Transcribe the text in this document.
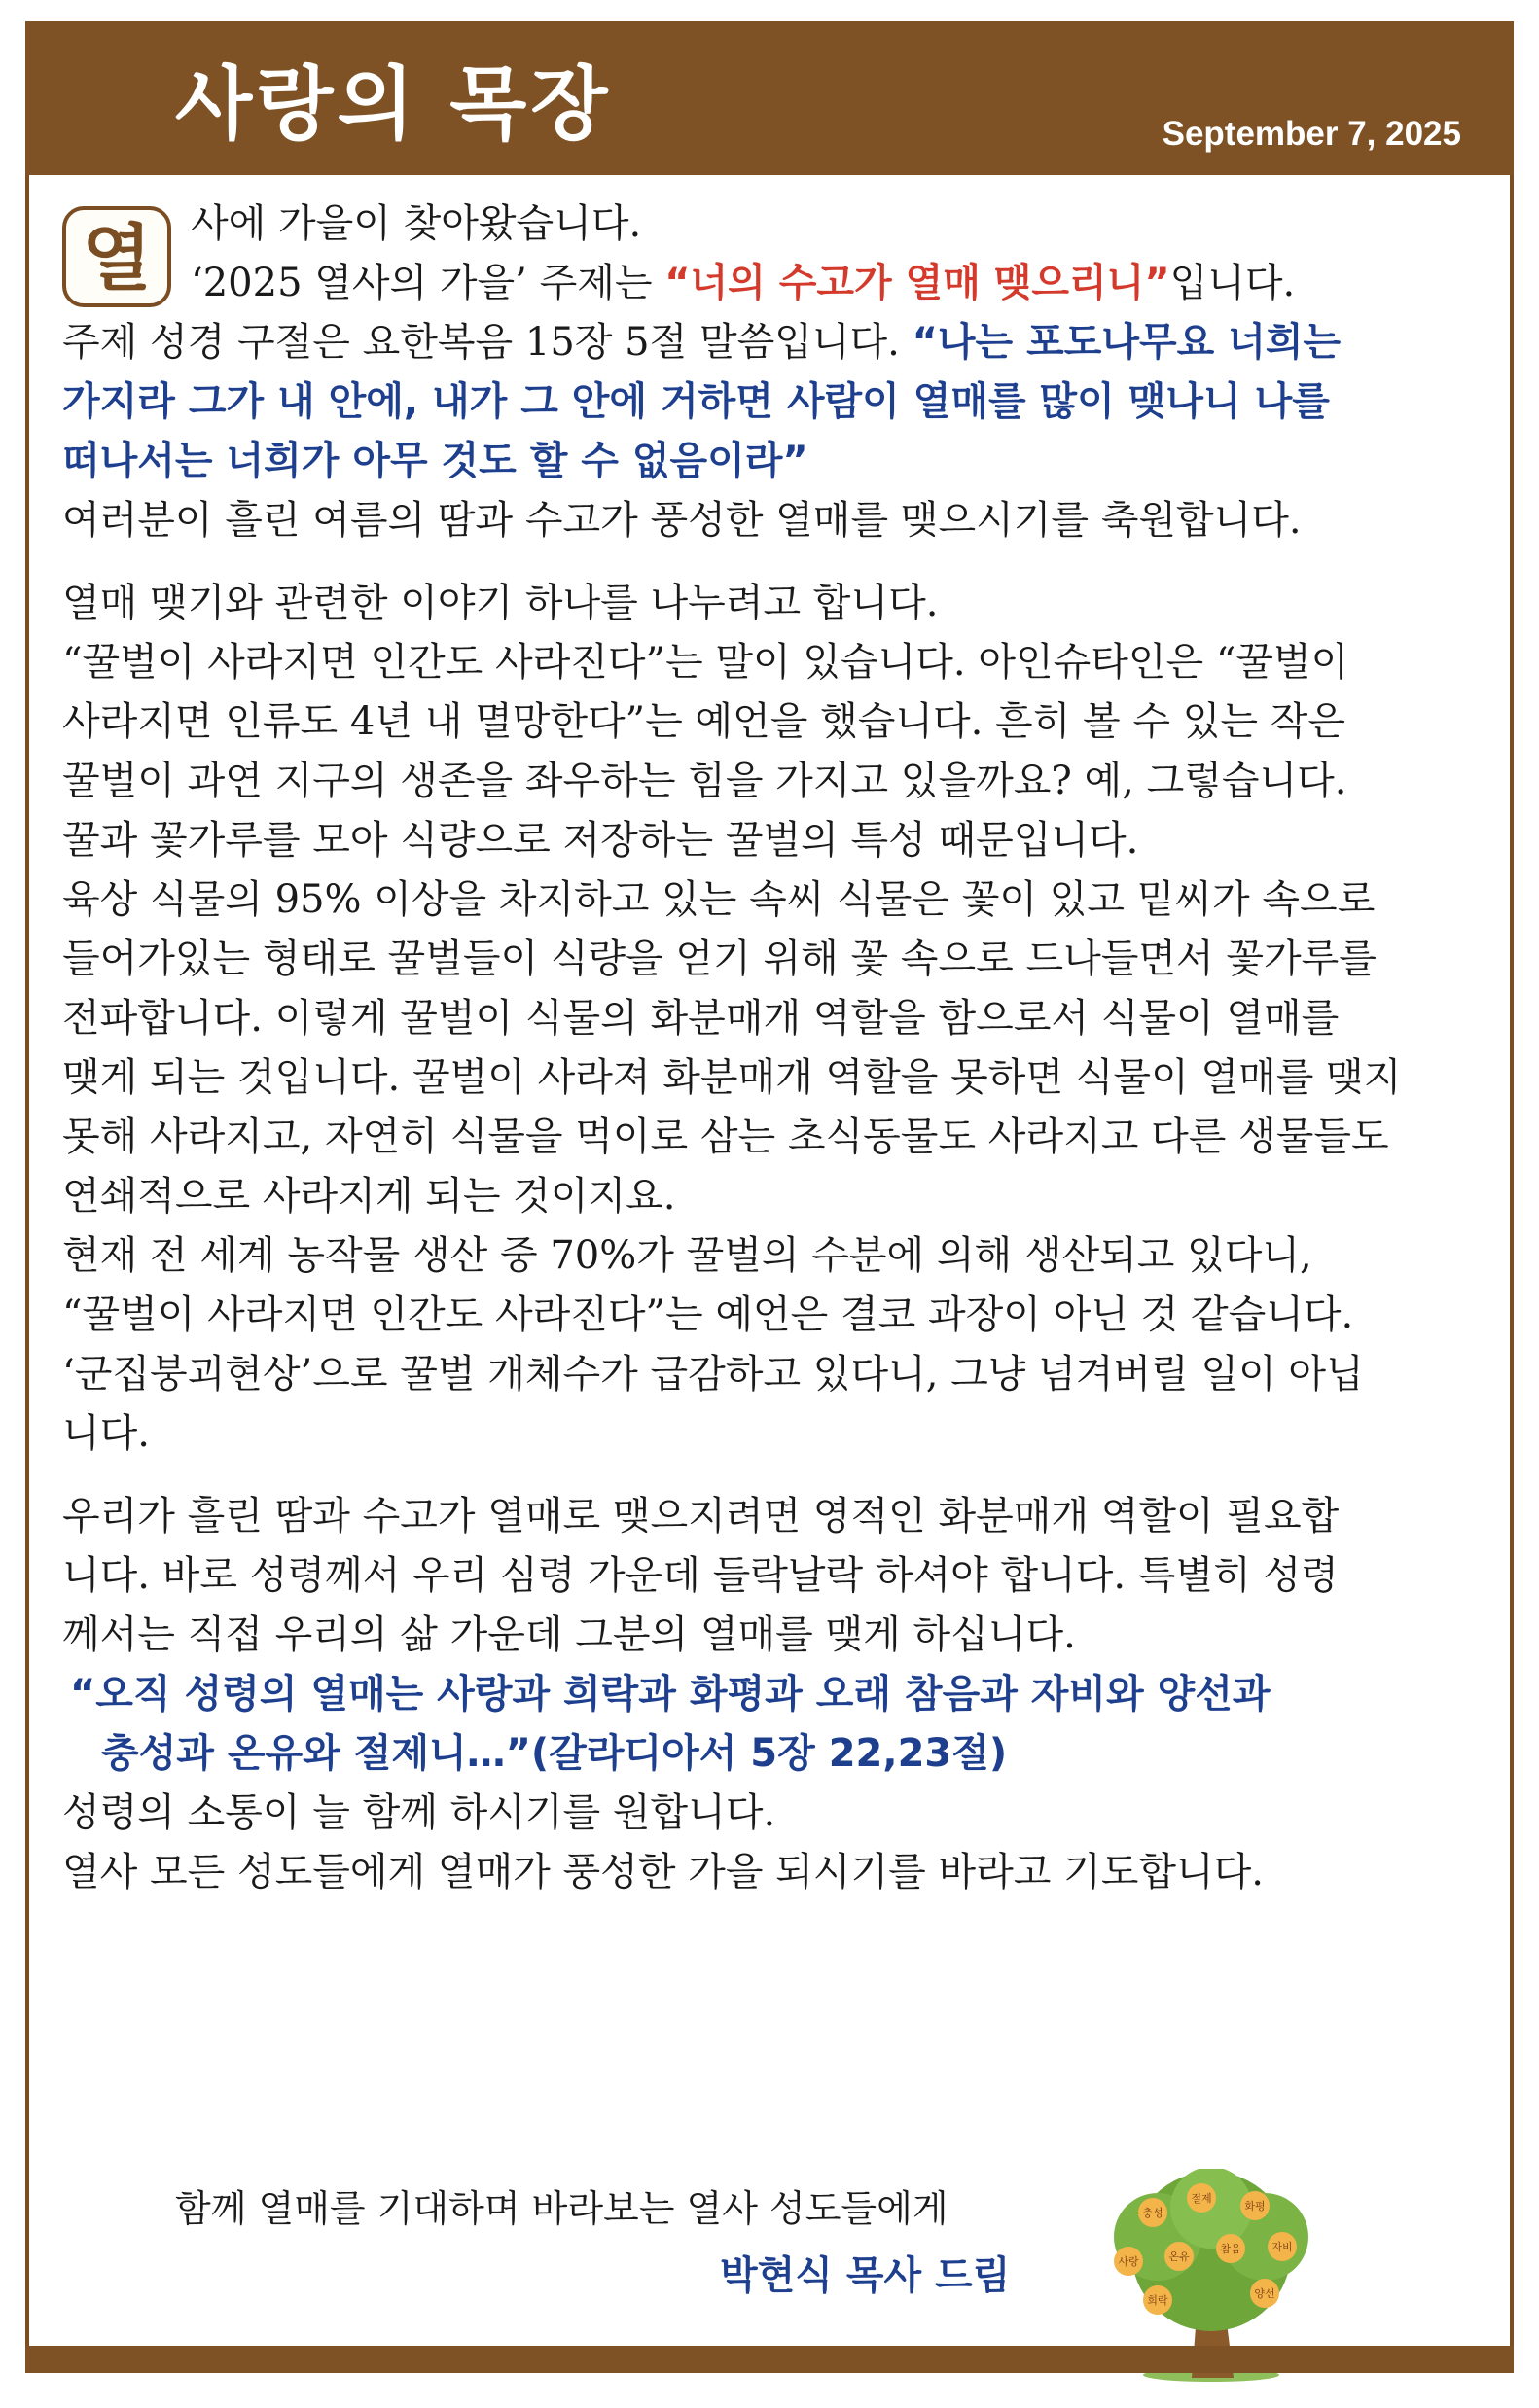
사랑의 목장	September 7, 2025
열	사에 가을이 찾아왔습니다.
‘2025 열사의 가을’ 주제는 “너의 수고가 열매 맺으리니”입니다.
주제 성경 구절은 요한복음 15장 5절 말씀입니다. “나는 포도나무요 너희는
가지라 그가 내 안에, 내가 그 안에 거하면 사람이 열매를 많이 맺나니 나를
떠나서는 너희가 아무 것도 할 수 없음이라”
여러분이 흘린 여름의 땀과 수고가 풍성한 열매를 맺으시기를 축원합니다.
열매 맺기와 관련한 이야기 하나를 나누려고 합니다.
“꿀벌이 사라지면 인간도 사라진다”는 말이 있습니다. 아인슈타인은 “꿀벌이
사라지면 인류도 4년 내 멸망한다”는 예언을 했습니다. 흔히 볼 수 있는 작은
꿀벌이 과연 지구의 생존을 좌우하는 힘을 가지고 있을까요? 예, 그렇습니다.
꿀과 꽃가루를 모아 식량으로 저장하는 꿀벌의 특성 때문입니다.
육상 식물의 95% 이상을 차지하고 있는 속씨 식물은 꽃이 있고 밑씨가 속으로
들어가있는 형태로 꿀벌들이 식량을 얻기 위해 꽃 속으로 드나들면서 꽃가루를
전파합니다. 이렇게 꿀벌이 식물의 화분매개 역할을 함으로서 식물이 열매를
맺게 되는 것입니다. 꿀벌이 사라져 화분매개 역할을 못하면 식물이 열매를 맺지
못해 사라지고, 자연히 식물을 먹이로 삼는 초식동물도 사라지고 다른 생물들도
연쇄적으로 사라지게 되는 것이지요.
현재 전 세계 농작물 생산 중 70%가 꿀벌의 수분에 의해 생산되고 있다니,
“꿀벌이 사라지면 인간도 사라진다”는 예언은 결코 과장이 아닌 것 같습니다.
‘군집붕괴현상’으로 꿀벌 개체수가 급감하고 있다니, 그냥 넘겨버릴 일이 아닙
니다.
우리가 흘린 땀과 수고가 열매로 맺으지려면 영적인 화분매개 역할이 필요합
니다. 바로 성령께서 우리 심령 가운데 들락날락 하셔야 합니다. 특별히 성령
께서는 직접 우리의 삶 가운데 그분의 열매를 맺게 하십니다.
“오직 성령의 열매는 사랑과 희락과 화평과 오래 참음과 자비와 양선과
충성과 온유와 절제니…”(갈라디아서 5장 22,23절)
성령의 소통이 늘 함께 하시기를 원합니다.
열사 모든 성도들에게 열매가 풍성한 가을 되시기를 바라고 기도합니다.
함께 열매를 기대하며 바라보는 열사 성도들에게
박현식 목사 드림
충성
절제
화평
자비
사랑	온유
참음
희락
양선
